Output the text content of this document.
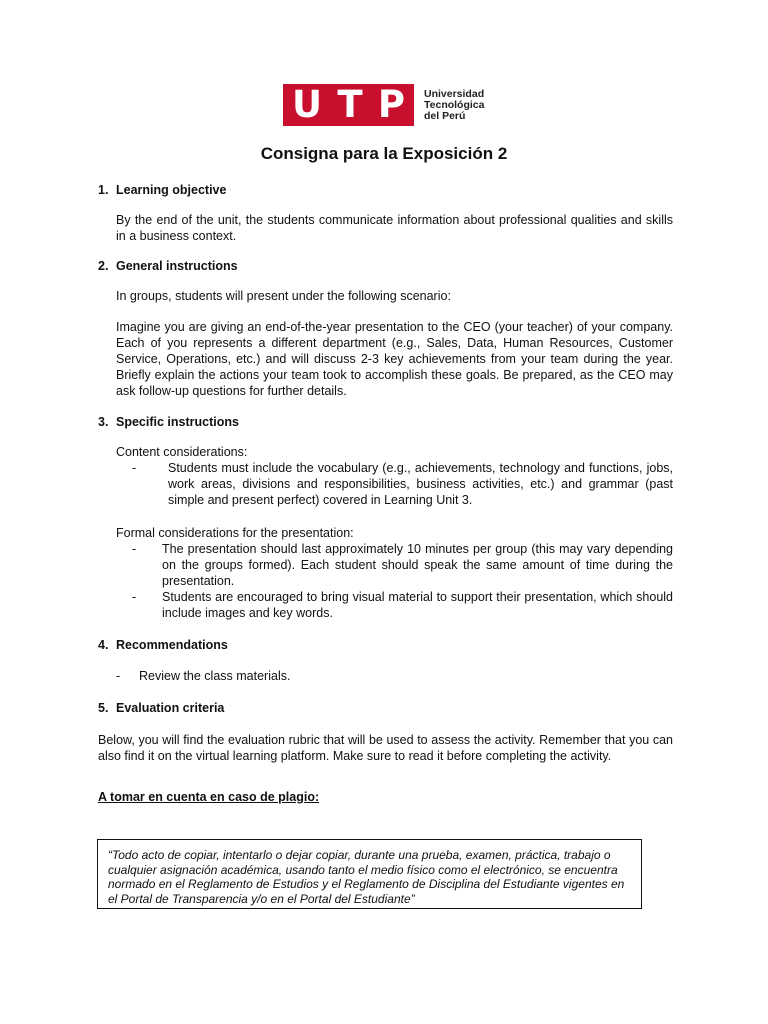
U T P Universidad
Tecnológica
del Perú
Consigna para la Exposición 2

1. Learning objective

By the end of the unit, the students communicate information about professional qualities and skills in a business context.

2. General instructions

In groups, students will present under the following scenario:

Imagine you are giving an end-of-the-year presentation to the CEO (your teacher) of your company. Each of you represents a different department (e.g., Sales, Data, Human Resources, Customer Service, Operations, etc.) and will discuss 2-3 key achievements from your team during the year. Briefly explain the actions your team took to accomplish these goals. Be prepared, as the CEO may ask follow-up questions for further details.

3. Specific instructions

Content considerations:

-	Students must include the vocabulary (e.g., achievements, technology and functions, jobs, work areas, divisions and responsibilities, business activities, etc.) and grammar (past simple and present perfect) covered in Learning Unit 3.

Formal considerations for the presentation:

-	The presentation should last approximately 10 minutes per group (this may vary depending on the groups formed). Each student should speak the same amount of time during the presentation.
-	Students are encouraged to bring visual material to support their presentation, which should include images and key words.

4. Recommendations

-	Review the class materials.

5. Evaluation criteria

Below, you will find the evaluation rubric that will be used to assess the activity. Remember that you can also find it on the virtual learning platform. Make sure to read it before completing the activity.

A tomar en cuenta en caso de plagio:

“Todo acto de copiar, intentarlo o dejar copiar, durante una prueba, examen, práctica, trabajo o cualquier asignación académica, usando tanto el medio físico como el electrónico, se encuentra normado en el Reglamento de Estudios y el Reglamento de Disciplina del Estudiante vigentes en el Portal de Transparencia y/o en el Portal del Estudiante”
